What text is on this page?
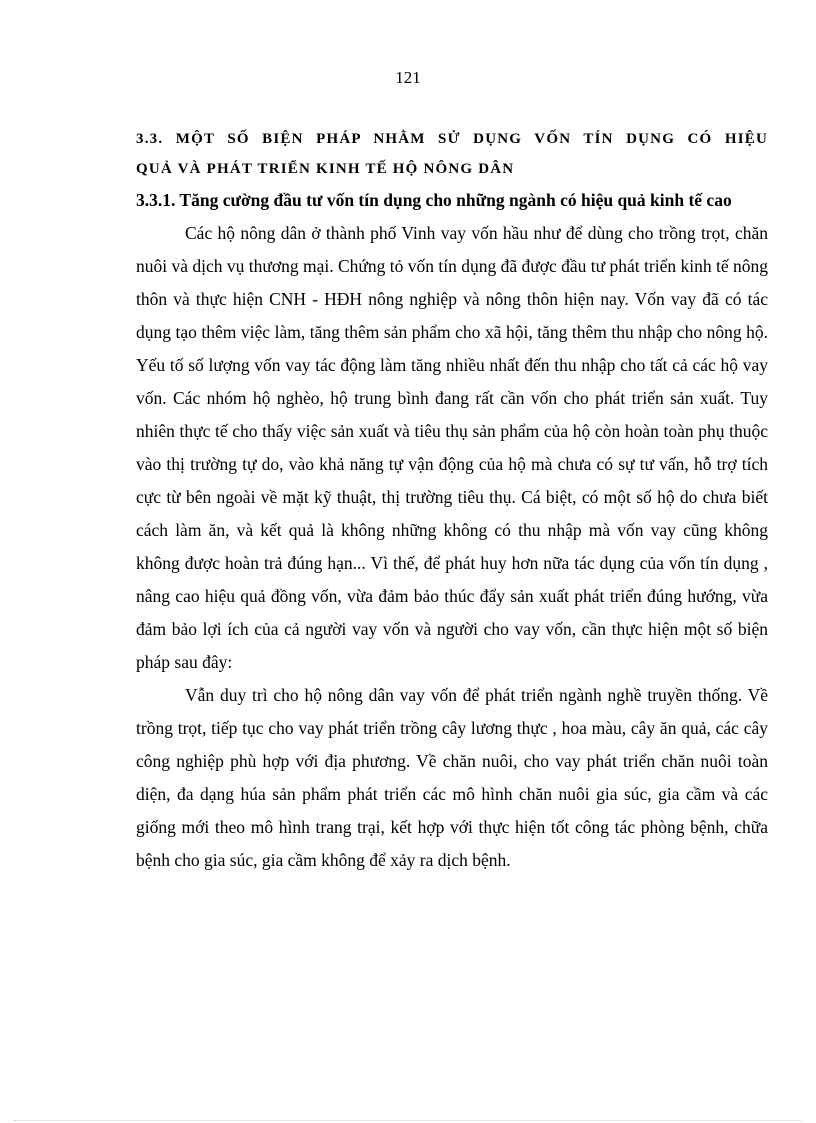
121
3.3. MỘT SỐ BIỆN PHÁP NHẰM SỬ DỤNG VỐN TÍN DỤNG CÓ HIỆU
QUẢ VÀ PHÁT TRIỂN KINH TẾ HỘ NÔNG DÂN
3.3.1. Tăng cường đầu tư vốn tín dụng cho những ngành có hiệu quả kinh tế cao

Các hộ nông dân ở thành phố Vinh vay vốn hầu như để dùng cho trồng trọt, chăn nuôi và dịch vụ thương mại. Chứng tỏ vốn tín dụng đã được đầu tư phát triển kinh tế nông thôn và thực hiện CNH - HĐH nông nghiệp và nông thôn hiện nay. Vốn vay đã có tác dụng tạo thêm việc làm, tăng thêm sản phẩm cho xã hội, tăng thêm thu nhập cho nông hộ. Yếu tố số lượng vốn vay tác động làm tăng nhiều nhất đến thu nhập cho tất cả các hộ vay vốn. Các nhóm hộ nghèo, hộ trung bình đang rất cần vốn cho phát triển sản xuất. Tuy nhiên thực tế cho thấy việc sản xuất và tiêu thụ sản phẩm của hộ còn hoàn toàn phụ thuộc vào thị trường tự do, vào khả năng tự vận động của hộ mà chưa có sự tư vấn, hỗ trợ tích cực từ bên ngoài về mặt kỹ thuật, thị trường tiêu thụ. Cá biệt, có một số hộ do chưa biết cách làm ăn, và kết quả là không những không có thu nhập mà vốn vay cũng không không được hoàn trả đúng hạn... Vì thế, để phát huy hơn nữa tác dụng của vốn tín dụng , nâng cao hiệu quả đồng vốn, vừa đảm bảo thúc đẩy sản xuất phát triển đúng hướng, vừa đảm bảo lợi ích của cả người vay vốn và người cho vay vốn, cần thực hiện một số biện pháp sau đây:

Vẫn duy trì cho hộ nông dân vay vốn để phát triển ngành nghề truyền thống. Về trồng trọt, tiếp tục cho vay phát triển trồng cây lương thực , hoa màu, cây ăn quả, các cây công nghiệp phù hợp với địa phương. Về chăn nuôi, cho vay phát triển chăn nuôi toàn diện, đa dạng húa sản phẩm phát triển các mô hình chăn nuôi gia súc, gia cầm và các giống mới theo mô hình trang trại, kết hợp với thực hiện tốt công tác phòng bệnh, chữa bệnh cho gia súc, gia cầm không để xảy ra dịch bệnh.
